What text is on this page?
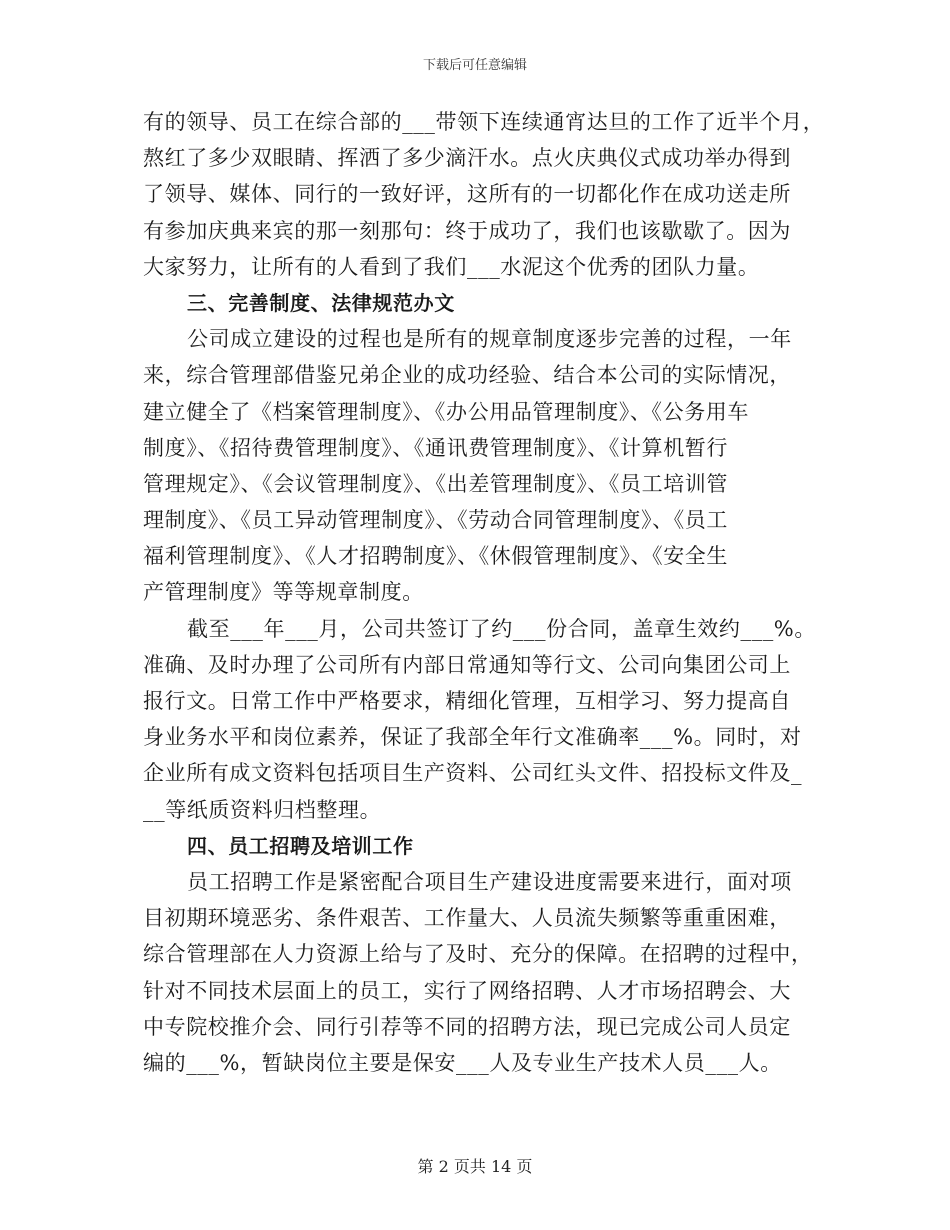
下载后可任意编辑
有的领导、员工在综合部的___带领下连续通宵达旦的工作了近半个月，
熬红了多少双眼睛、挥洒了多少滴汗水。点火庆典仪式成功举办得到
了领导、媒体、同行的一致好评，这所有的一切都化作在成功送走所
有参加庆典来宾的那一刻那句：终于成功了，我们也该歇歇了。因为
大家努力，让所有的人看到了我们___水泥这个优秀的团队力量。
三、完善制度、法律规范办文
公司成立建设的过程也是所有的规章制度逐步完善的过程，一年
来，综合管理部借鉴兄弟企业的成功经验、结合本公司的实际情况，
建立健全了《档案管理制度》、《办公用品管理制度》、《公务用车
制度》、《招待费管理制度》、《通讯费管理制度》、《计算机暂行
管理规定》、《会议管理制度》、《出差管理制度》、《员工培训管
理制度》、《员工异动管理制度》、《劳动合同管理制度》、《员工
福利管理制度》、《人才招聘制度》、《休假管理制度》、《安全生
产管理制度》等等规章制度。
截至___年___月，公司共签订了约___份合同，盖章生效约___%。
准确、及时办理了公司所有内部日常通知等行文、公司向集团公司上
报行文。日常工作中严格要求，精细化管理，互相学习、努力提高自
身业务水平和岗位素养，保证了我部全年行文准确率___%。同时，对
企业所有成文资料包括项目生产资料、公司红头文件、招投标文件及_
__等纸质资料归档整理。
四、员工招聘及培训工作
员工招聘工作是紧密配合项目生产建设进度需要来进行，面对项
目初期环境恶劣、条件艰苦、工作量大、人员流失频繁等重重困难，
综合管理部在人力资源上给与了及时、充分的保障。在招聘的过程中，
针对不同技术层面上的员工，实行了网络招聘、人才市场招聘会、大
中专院校推介会、同行引荐等不同的招聘方法，现已完成公司人员定
编的___%，暂缺岗位主要是保安___人及专业生产技术人员___人。
第 2 页共 14 页
